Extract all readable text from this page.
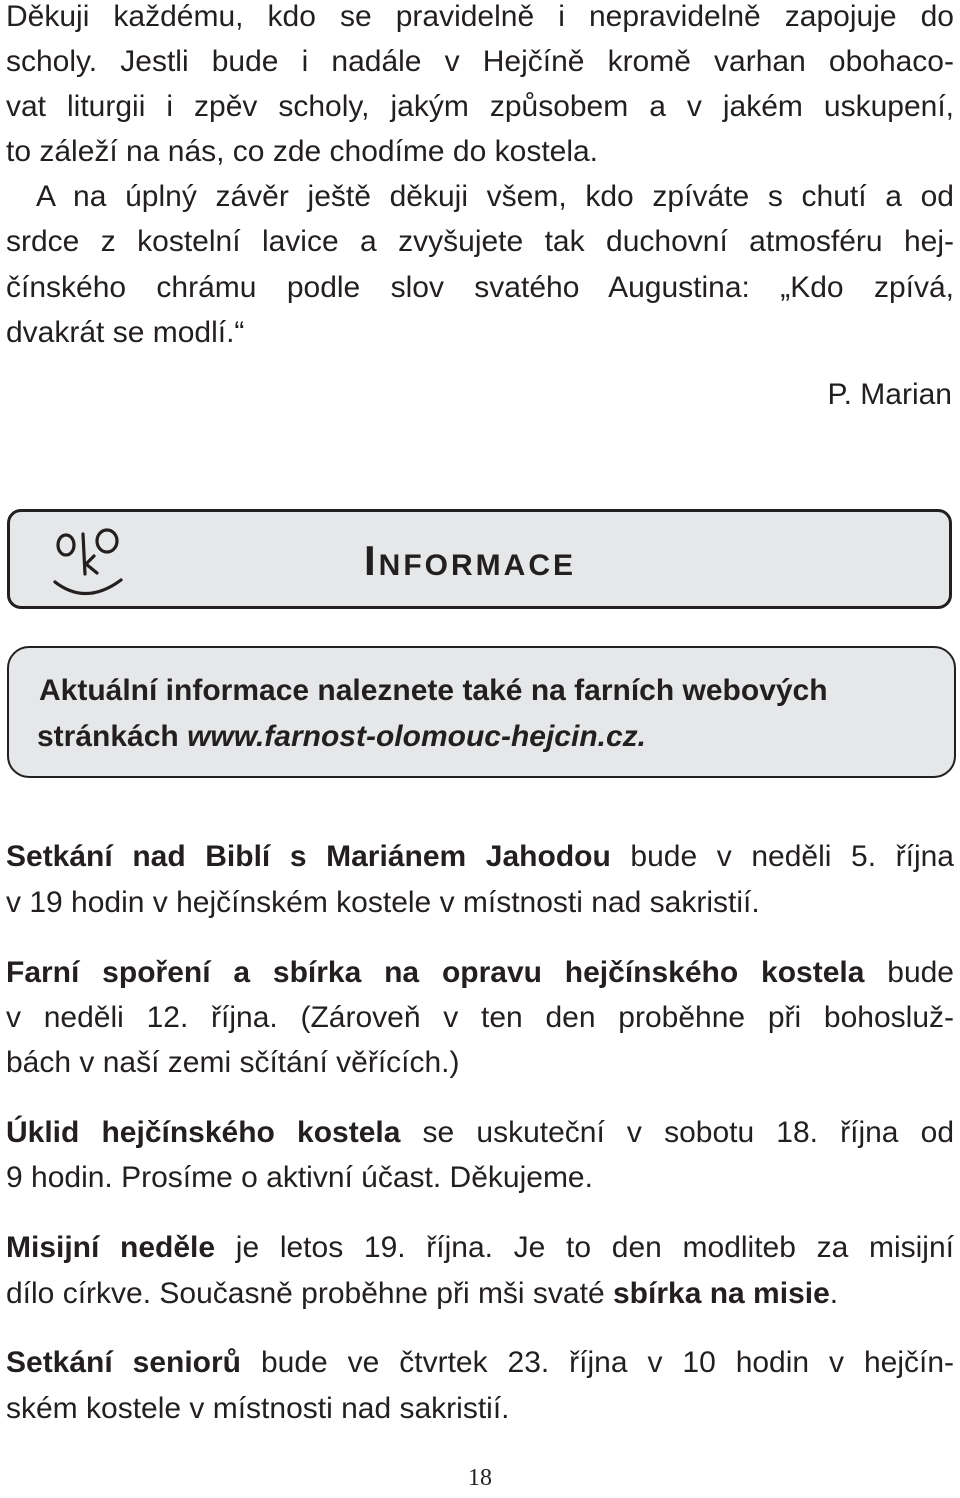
Děkuji každému, kdo se pravidelně i nepravidelně zapojuje do
scholy. Jestli bude i nadále v Hejčíně kromě varhan obohaco-
vat liturgii i zpěv scholy, jakým způsobem a v jakém uskupení,
to záleží na nás, co zde chodíme do kostela.
A na úplný závěr ještě děkuji všem, kdo zpíváte s chutí a od
srdce z kostelní lavice a zvyšujete tak duchovní atmosféru hej-
čínského chrámu podle slov svatého Augustina: „Kdo zpívá,
dvakrát se modlí.“
P. Marian
INFORMACE
Aktuální informace naleznete také na farních webových
stránkách www.farnost-olomouc-hejcin.cz.
Setkání nad Biblí s Mariánem Jahodou bude v neděli 5. října
v 19 hodin v hejčínském kostele v místnosti nad sakristií.
Farní spoření a sbírka na opravu hejčínského kostela bude
v neděli 12. října. (Zároveň v ten den proběhne při bohosluž-
bách v naší zemi sčítání věřících.)
Úklid hejčínského kostela se uskuteční v sobotu 18. října od
9 hodin. Prosíme o aktivní účast. Děkujeme.
Misijní neděle je letos 19. října. Je to den modliteb za misijní
dílo církve. Současně proběhne při mši svaté sbírka na misie.
Setkání seniorů bude ve čtvrtek 23. října v 10 hodin v hejčín-
ském kostele v místnosti nad sakristií.
18
